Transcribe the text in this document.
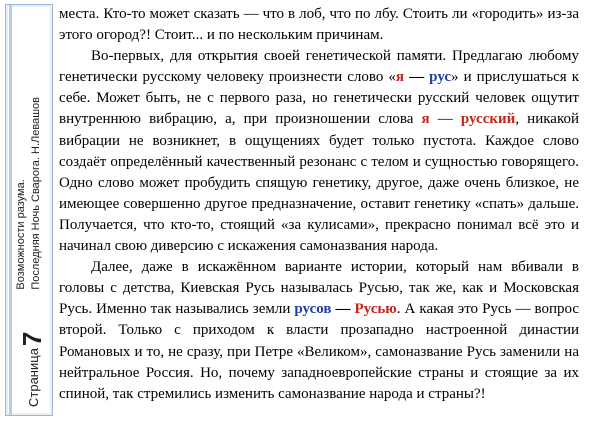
Страница
7
Возможности разума. Последняя Ночь Сварога. Н.Левашов

места. Кто-то может сказать — что в лоб, что по лбу. Стоить ли «городить» из-за этого огород?! Стоит... и по нескольким причинам.

Во-первых, для открытия своей генетической памяти. Предлагаю любому генетически русскому человеку произнести слово «я — рус» и прислушаться к себе. Может быть, не с первого раза, но генетически русский человек ощутит внутреннюю вибрацию, а, при произношении слова я — русский, никакой вибрации не возникнет, в ощущениях будет только пустота. Каждое слово создаёт определённый качественный резонанс с телом и сущностью говорящего. Одно слово может пробудить спящую генетику, другое, даже очень близкое, не имеющее совершенно другое предназначение, оставит генетику «спать» дальше. Получается, что кто-то, стоящий «за кулисами», прекрасно понимал всё это и начинал свою диверсию с искажения самоназвания народа.

Далее, даже в искажённом варианте истории, который нам вбивали в головы с детства, Киевская Русь называлась Русью, так же, как и Московская Русь. Именно так назывались земли русов — Русью. А какая это Русь — вопрос второй. Только с приходом к власти прозападно настроенной династии Романовых и то, не сразу, при Петре «Великом», самоназвание Русь заменили на нейтральное Россия. Но, почему западноевропейские страны и стоящие за их спиной, так стремились изменить самоназвание народа и страны?!
